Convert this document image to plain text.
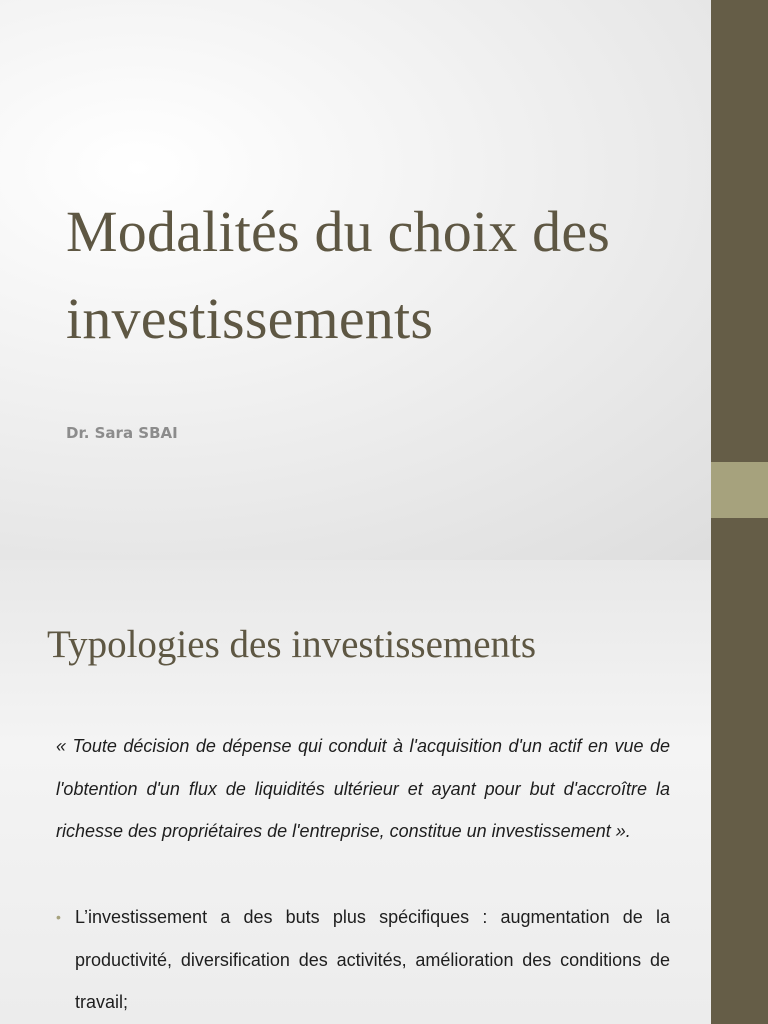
Modalités du choix des investissements

Dr. Sara SBAI

Typologies des investissements

« Toute décision de dépense qui conduit à l'acquisition d'un actif en vue de l'obtention d'un flux de liquidités ultérieur et ayant pour but d'accroître la richesse des propriétaires de l'entreprise, constitue un investissement ».

• L’investissement a des buts plus spécifiques : augmentation de la productivité, diversification des activités, amélioration des conditions de travail;
